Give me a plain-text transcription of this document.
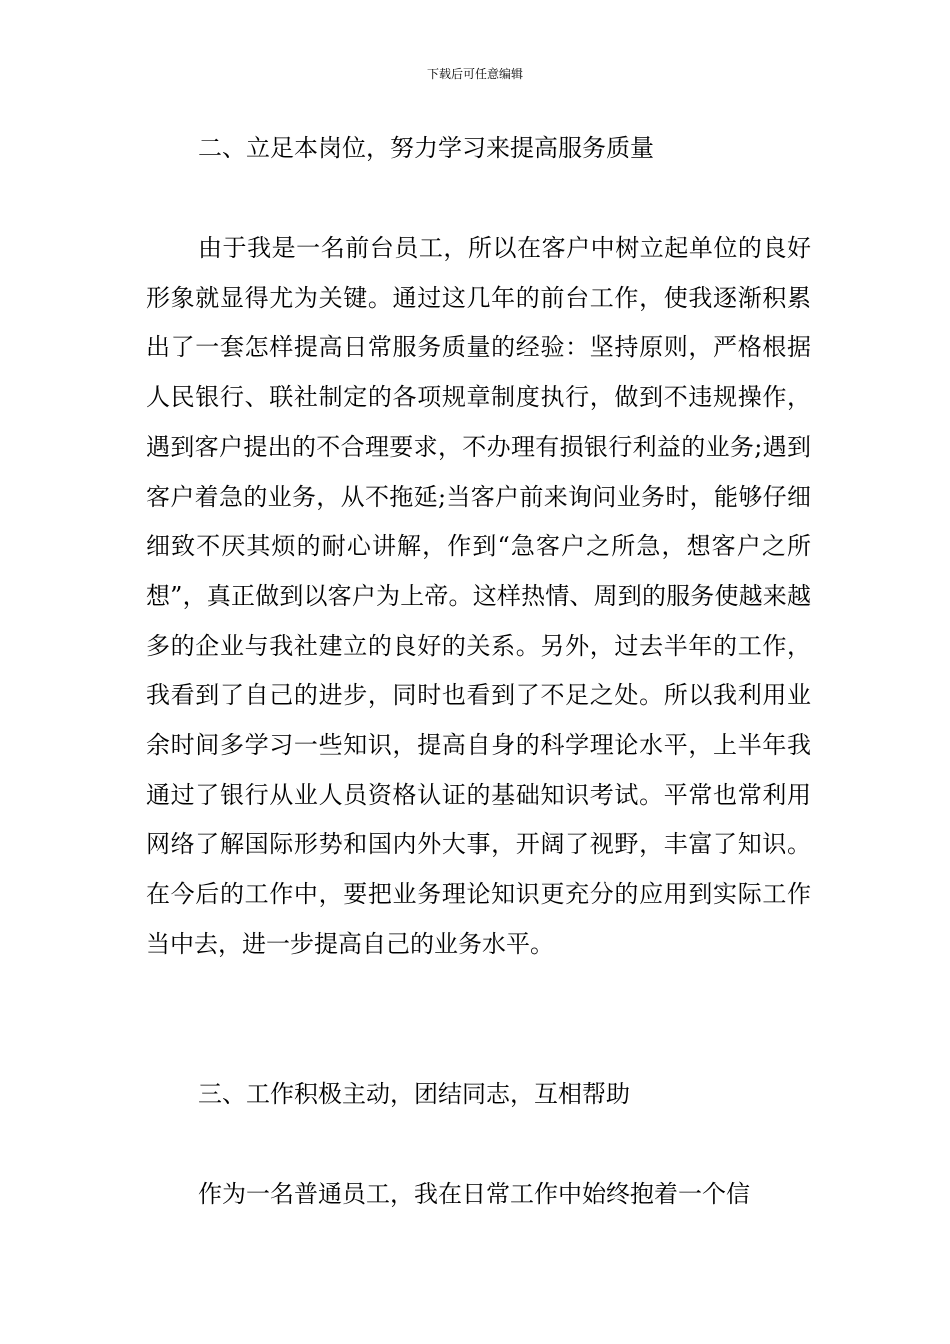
下载后可任意编辑
二、立足本岗位，努力学习来提高服务质量
由于我是一名前台员工，所以在客户中树立起单位的良好形象就显得尤为关键。通过这几年的前台工作，使我逐渐积累出了一套怎样提高日常服务质量的经验：坚持原则，严格根据人民银行、联社制定的各项规章制度执行，做到不违规操作，遇到客户提出的不合理要求，不办理有损银行利益的业务;遇到客户着急的业务，从不拖延;当客户前来询问业务时，能够仔细细致不厌其烦的耐心讲解，作到“急客户之所急，想客户之所想”，真正做到以客户为上帝。这样热情、周到的服务使越来越多的企业与我社建立的良好的关系。另外，过去半年的工作，我看到了自己的进步，同时也看到了不足之处。所以我利用业余时间多学习一些知识，提高自身的科学理论水平，上半年我通过了银行从业人员资格认证的基础知识考试。平常也常利用网络了解国际形势和国内外大事，开阔了视野，丰富了知识。在今后的工作中，要把业务理论知识更充分的应用到实际工作当中去，进一步提高自己的业务水平。
三、工作积极主动，团结同志，互相帮助
作为一名普通员工，我在日常工作中始终抱着一个信
